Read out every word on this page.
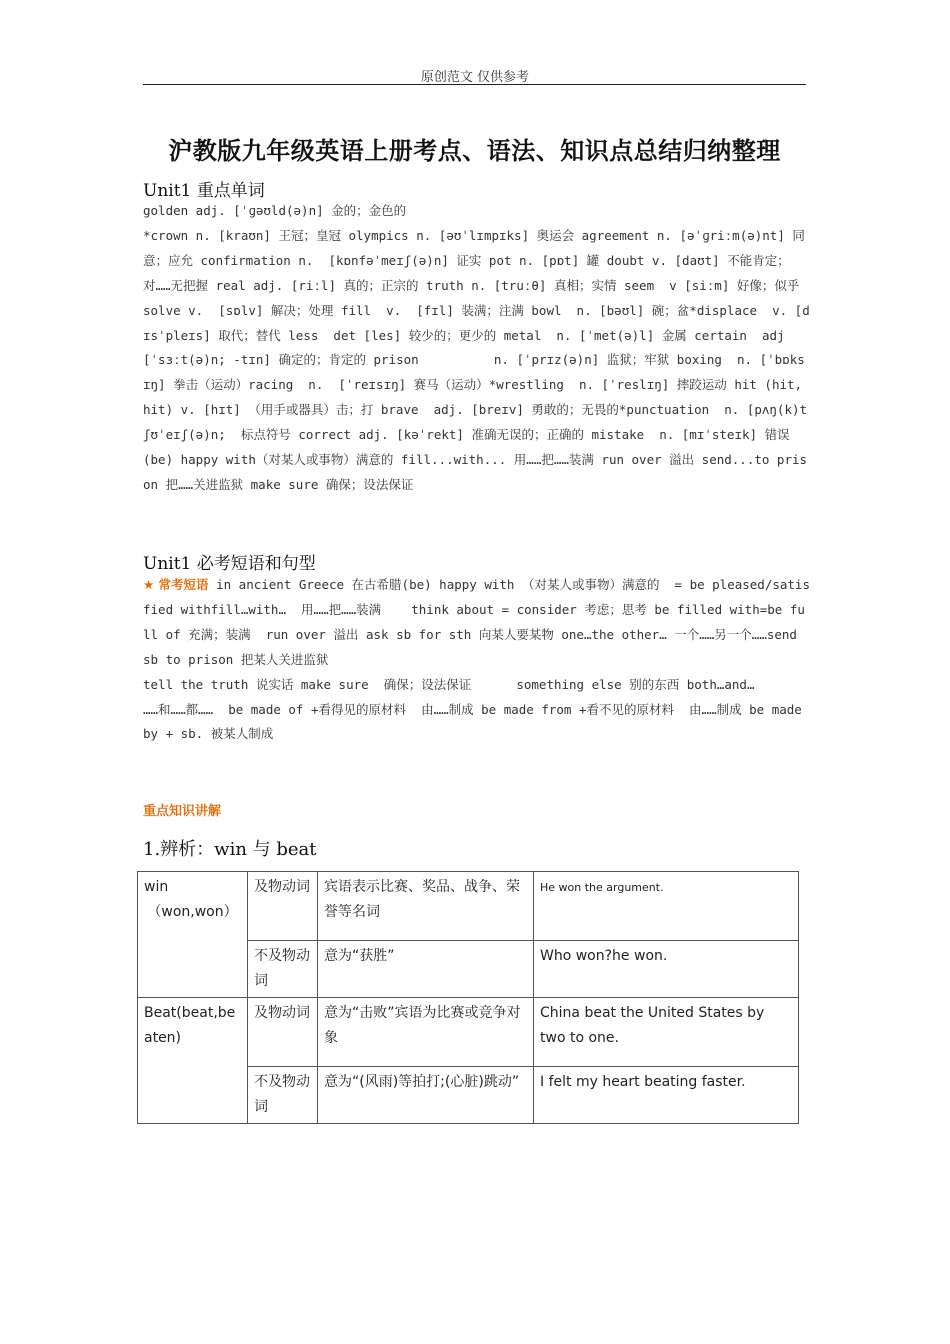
原创范文 仅供参考
沪教版九年级英语上册考点、语法、知识点总结归纳整理
Unit1 重点单词
golden adj. [ˈɡəʊld(ə)n] 金的；金色的
*crown n. [kraʊn] 王冠；皇冠 olympics n. [əʊˈlɪmpɪks] 奥运会 agreement n. [əˈɡriːm(ə)nt] 同意；应允 confirmation n.  [kɒnfəˈmeɪʃ(ə)n] 证实 pot n. [pɒt] 罐 doubt v. [daʊt] 不能肯定；对……无把握 real adj. [riːl] 真的；正宗的 truth n. [truːθ] 真相；实情 seem  v [siːm] 好像；似乎 solve v.  [sɒlv] 解决；处理 fill  v.  [fɪl] 装满；注满 bowl  n. [bəʊl] 碗；盆*displace  v. [dɪsˈpleɪs] 取代；替代 less  det [les] 较少的；更少的 metal  n. [ˈmet(ə)l] 金属 certain  adj [ˈsɜːt(ə)n; -tɪn] 确定的；肯定的 prison          n. [ˈprɪz(ə)n] 监狱；牢狱 boxing  n. [ˈbɒksɪŋ] 拳击（运动）racing  n.  [ˈreɪsɪŋ] 赛马（运动）*wrestling  n. [ˈreslɪŋ] 摔跤运动 hit (hit, hit) v. [hɪt] （用手或器具）击；打 brave  adj. [breɪv] 勇敢的；无畏的*punctuation  n. [pʌŋ(k)tʃʊˈeɪʃ(ə)n;  标点符号 correct adj. [kəˈrekt] 准确无误的；正确的 mistake  n. [mɪˈsteɪk] 错误  (be) happy with（对某人或事物）满意的 fill...with... 用……把……装满 run over 溢出 send...to prison 把……关进监狱 make sure 确保；设法保证
Unit1 必考短语和句型
★ 常考短语 in ancient Greece 在古希腊(be) happy with （对某人或事物）满意的  = be pleased/satisfied withfill…with…  用……把……装满    think about = consider 考虑；思考 be filled with=be full of 充满；装满  run over 溢出 ask sb for sth 向某人要某物 one…the other… 一个……另一个……send sb to prison 把某人关进监狱
tell the truth 说实话 make sure  确保；设法保证      something else 别的东西 both…and…
……和……都……  be made of +看得见的原材料  由……制成 be made from +看不见的原材料  由……制成 be made by + sb. 被某人制成
重点知识讲解
1.辨析：win 与 beat
win
（won,won）	及物动词	宾语表示比赛、奖品、战争、荣誉等名词	He won the argument.
	不及物动词	意为“获胜”	Who won?he won.
Beat(beat,beaten)	及物动词	意为“击败”宾语为比赛或竞争对象	China beat the United States by two to one.
	不及物动词	意为“(风雨)等拍打;(心脏)跳动”	I felt my heart beating faster.
